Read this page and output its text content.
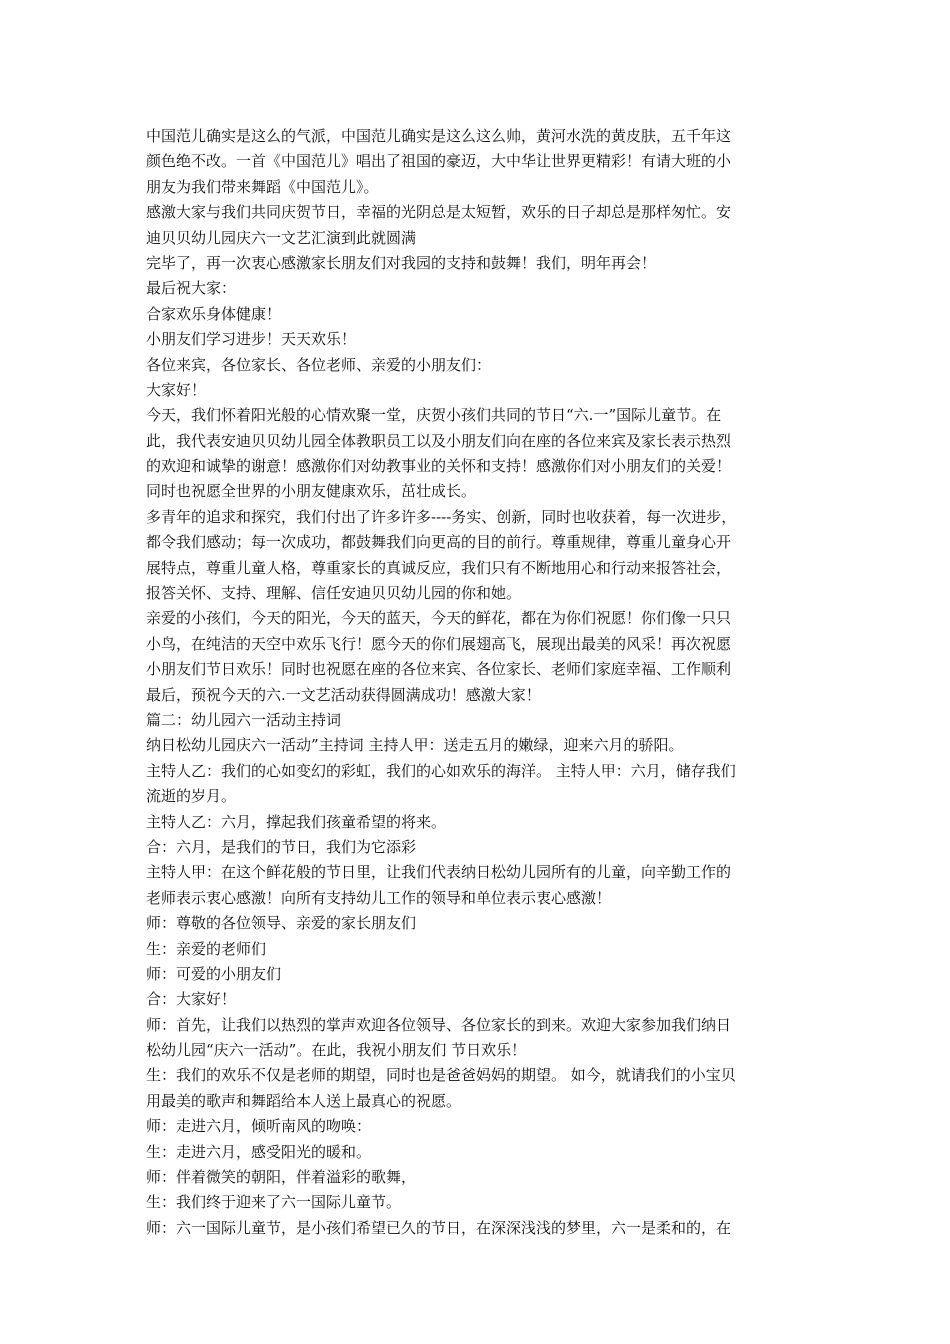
中国范儿确实是这么的气派，中国范儿确实是这么这么帅，黄河水洗的黄皮肤，五千年这
颜色绝不改。一首《中国范儿》唱出了祖国的豪迈，大中华让世界更精彩！有请大班的小
朋友为我们带来舞蹈《中国范儿》。
感激大家与我们共同庆贺节日，幸福的光阴总是太短暂，欢乐的日子却总是那样匆忙。安
迪贝贝幼儿园庆六一文艺汇演到此就圆满
完毕了，再一次衷心感激家长朋友们对我园的支持和鼓舞！我们，明年再会！
最后祝大家：
合家欢乐身体健康！
小朋友们学习进步！天天欢乐！
各位来宾，各位家长、各位老师、亲爱的小朋友们：
大家好！
今天，我们怀着阳光般的心情欢聚一堂，庆贺小孩们共同的节日“六.一”国际儿童节。在
此，我代表安迪贝贝幼儿园全体教职员工以及小朋友们向在座的各位来宾及家长表示热烈
的欢迎和诚挚的谢意！感激你们对幼教事业的关怀和支持！感激你们对小朋友们的关爱！
同时也祝愿全世界的小朋友健康欢乐，茁壮成长。
多青年的追求和探究，我们付出了许多许多----务实、创新，同时也收获着，每一次进步，
都令我们感动；每一次成功，都鼓舞我们向更高的目的前行。尊重规律，尊重儿童身心开
展特点，尊重儿童人格，尊重家长的真诚反应，我们只有不断地用心和行动来报答社会，
报答关怀、支持、理解、信任安迪贝贝幼儿园的你和她。
亲爱的小孩们，今天的阳光，今天的蓝天，今天的鲜花，都在为你们祝愿！你们像一只只
小鸟，在纯洁的天空中欢乐飞行！愿今天的你们展翅高飞，展现出最美的风采！再次祝愿
小朋友们节日欢乐！同时也祝愿在座的各位来宾、各位家长、老师们家庭幸福、工作顺利
最后，预祝今天的六.一文艺活动获得圆满成功！感激大家！
篇二：幼儿园六一活动主持词
纳日松幼儿园庆六一活动”主持词 主持人甲：送走五月的嫩绿，迎来六月的骄阳。
主特人乙：我们的心如变幻的彩虹，我们的心如欢乐的海洋。 主特人甲：六月，储存我们
流逝的岁月。
主特人乙：六月，撑起我们孩童希望的将来。
合：六月，是我们的节日，我们为它添彩
主特人甲：在这个鲜花般的节日里，让我们代表纳日松幼儿园所有的儿童，向辛勤工作的
老师表示衷心感激！向所有支持幼儿工作的领导和单位表示衷心感激！
师：尊敬的各位领导、亲爱的家长朋友们
生：亲爱的老师们
师：可爱的小朋友们
合：大家好！
师：首先，让我们以热烈的掌声欢迎各位领导、各位家长的到来。欢迎大家参加我们纳日
松幼儿园“庆六一活动”。在此，我祝小朋友们 节日欢乐！
生：我们的欢乐不仅是老师的期望，同时也是爸爸妈妈的期望。 如今，就请我们的小宝贝
用最美的歌声和舞蹈给本人送上最真心的祝愿。
师：走进六月，倾听南风的吻唤：
生：走进六月，感受阳光的暖和。
师：伴着微笑的朝阳，伴着溢彩的歌舞，
生：我们终于迎来了六一国际儿童节。
师：六一国际儿童节，是小孩们希望已久的节日，在深深浅浅的梦里，六一是柔和的，在
